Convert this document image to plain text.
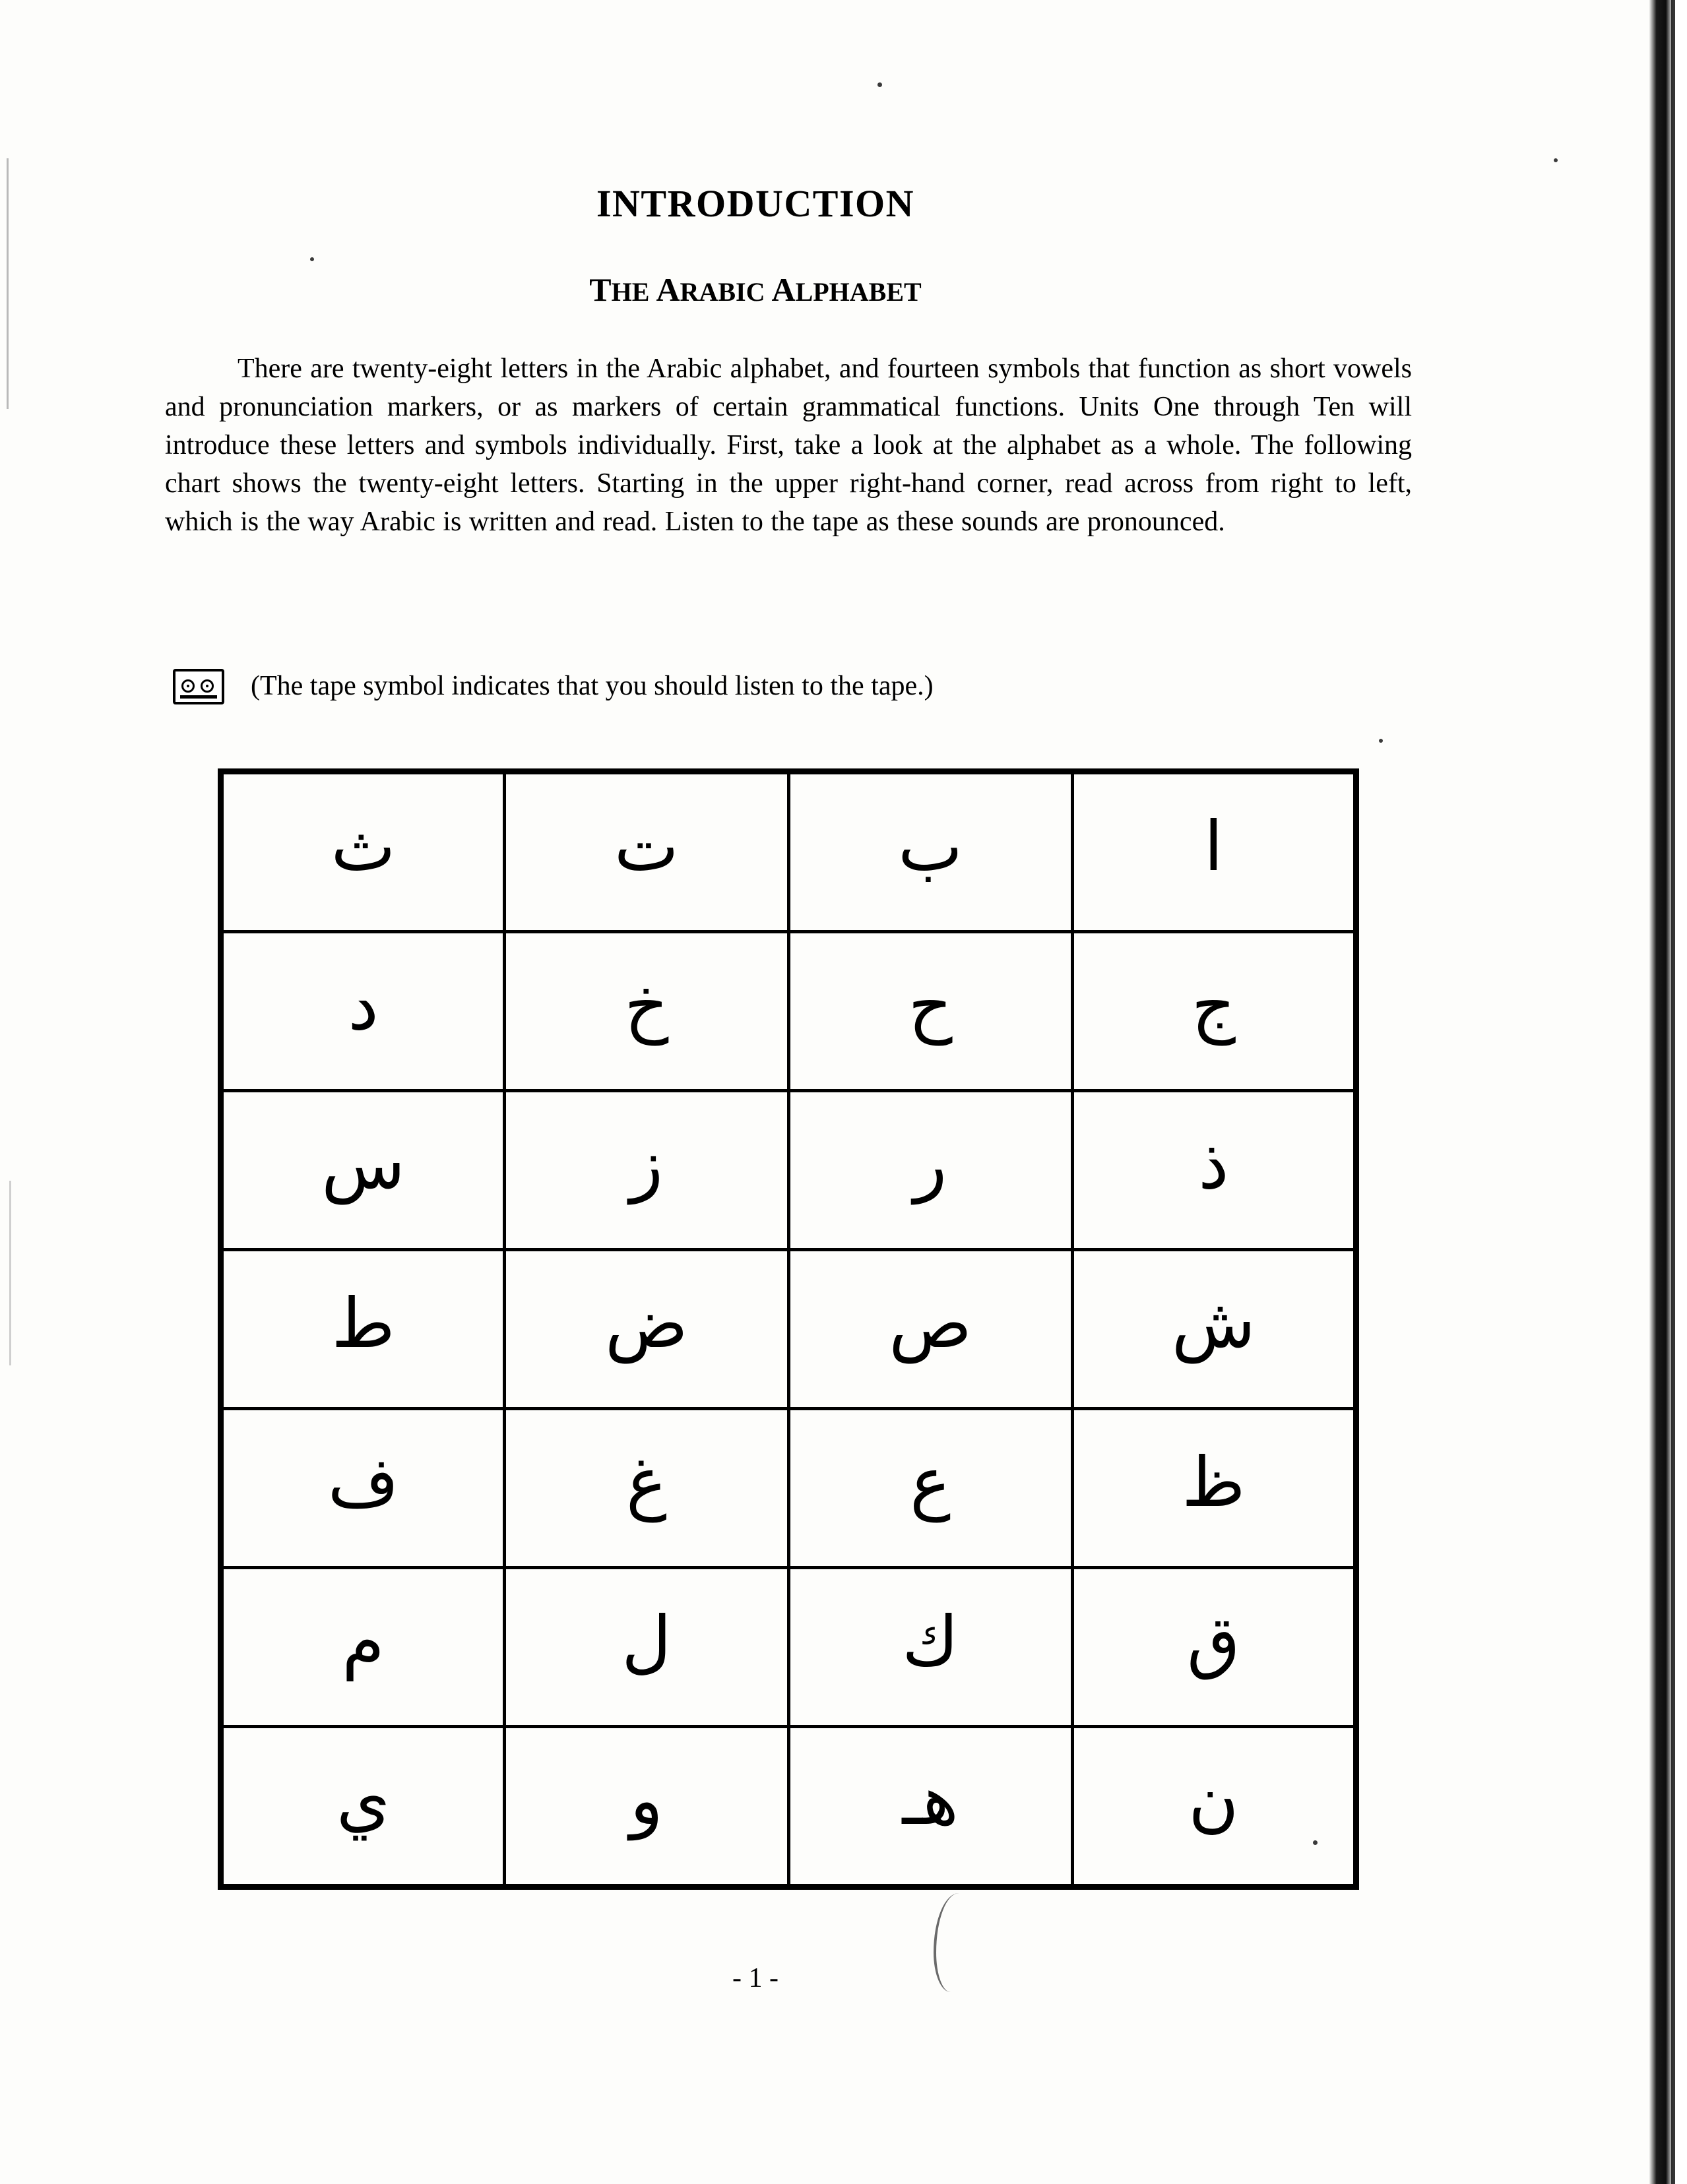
INTRODUCTION
THE ARABIC ALPHABET
There are twenty-eight letters in the Arabic alphabet, and fourteen symbols that function as short vowels and pronunciation markers, or as markers of certain grammatical functions. Units One through Ten will introduce these letters and symbols individually. First, take a look at the alphabet as a whole. The following chart shows the twenty-eight letters. Starting in the upper right-hand corner, read across from right to left, which is the way Arabic is written and read. Listen to the tape as these sounds are pronounced.
(The tape symbol indicates that you should listen to the tape.)
ث	ت	ب	ا
د	خ	ح	ج
س	ز	ر	ذ
ط	ض	ص	ش
ف	غ	ع	ظ
م	ل	ك	ق
ي	و	هـ	ن
- 1 -
